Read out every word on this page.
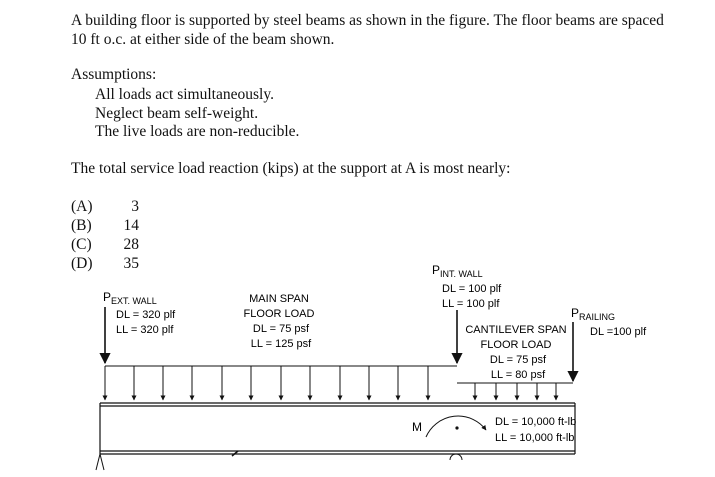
A building floor is supported by steel beams as shown in the figure. The floor beams are spaced

10 ft o.c. at either side of the beam shown.

Assumptions:
All loads act simultaneously.
Neglect beam self-weight.
The live loads are non-reducible.
The total service load reaction (kips) at the support at A is most nearly:
(A)	3
(B)	14
(C)	28
(D)	35
$P_{EXT. WALL}$
DL = 320 plf
LL = 320 plf
MAIN SPAN
FLOOR LOAD
DL = 75 psf
LL = 125 psf
$P_{INT. WALL}$
DL = 100 plf
LL = 100 plf
CANTILEVER SPAN
FLOOR LOAD
DL = 75 psf
LL = 80 psf
$P_{RAILING}$
DL =100 plf
M	DL = 10,000 ft-lb
LL = 10,000 ft-lb
